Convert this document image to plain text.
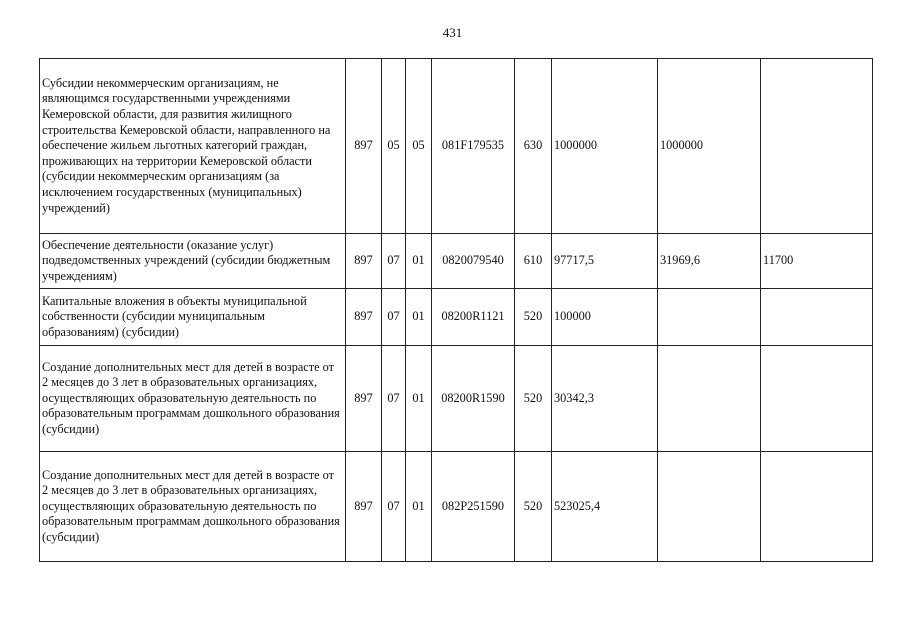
431
Субсидии некоммерческим организациям, не являющимся государственными учреждениями Кемеровской области, для развития жилищного строительства Кемеровской области, направленного на обеспечение жильем льготных категорий граждан, проживающих на территории Кемеровской области (субсидии некоммерческим организациям (за исключением государственных (муниципальных) учреждений)	897	05	05	081F179535	630	1000000	1000000	
Обеспечение деятельности (оказание услуг) подведомственных учреждений (субсидии бюджетным учреждениям)	897	07	01	0820079540	610	97717,5	31969,6	11700
Капитальные вложения в объекты муниципальной собственности (субсидии муниципальным образованиям) (субсидии)	897	07	01	08200R1121	520	100000		
Создание дополнительных мест для детей в возрасте от 2 месяцев до 3 лет в образовательных организациях, осуществляющих образовательную деятельность по образовательным программам дошкольного образования (субсидии)	897	07	01	08200R1590	520	30342,3		
Создание дополнительных мест для детей в возрасте от 2 месяцев до 3 лет в образовательных организациях, осуществляющих образовательную деятельность по образовательным программам дошкольного образования (субсидии)	897	07	01	082P251590	520	523025,4		
